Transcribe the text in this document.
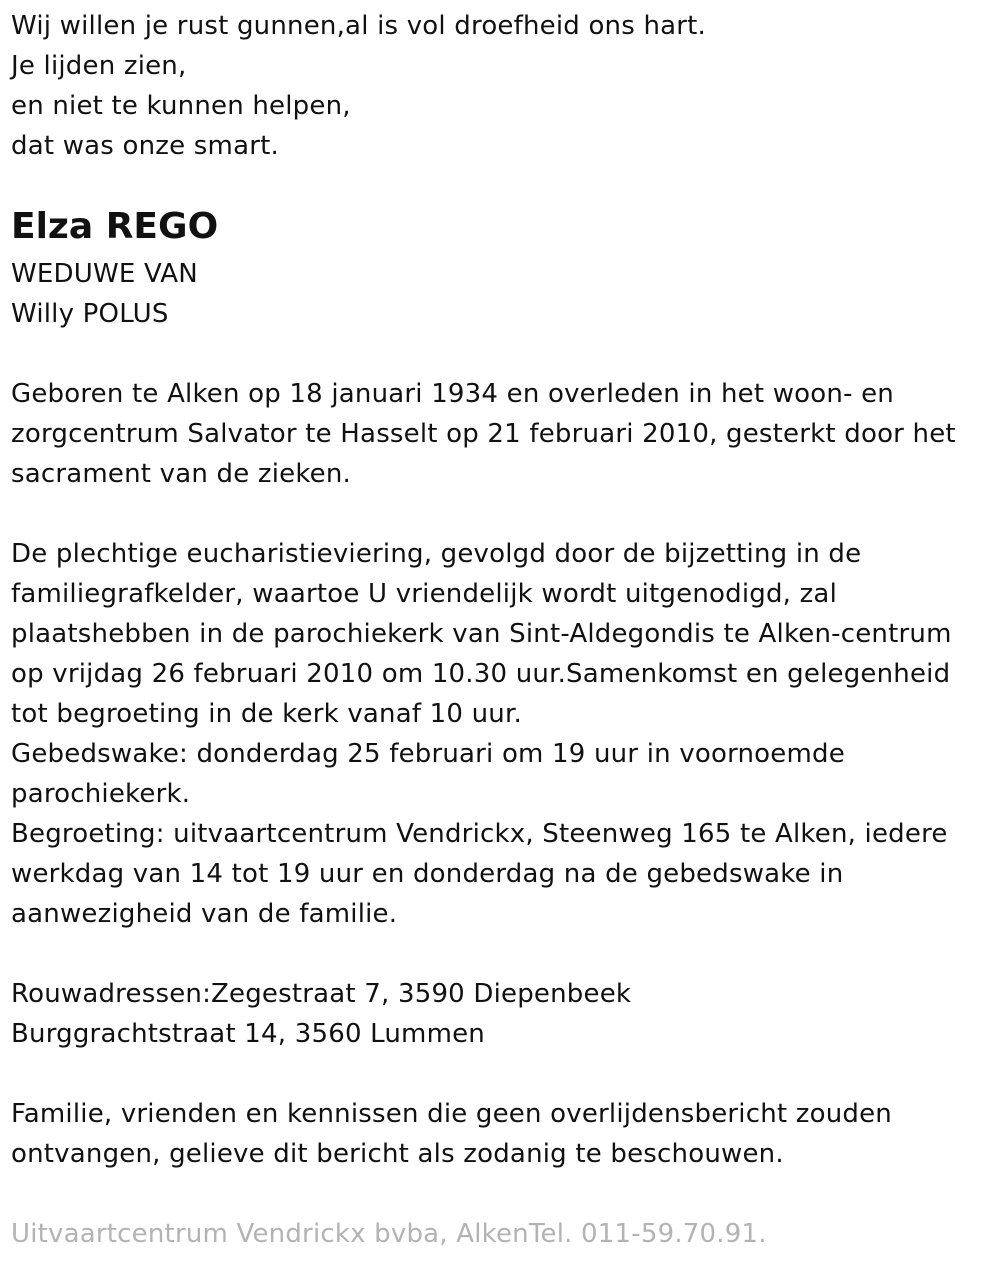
Wij willen je rust gunnen,al is vol droefheid ons hart.
Je lijden zien,
en niet te kunnen helpen,
dat was onze smart.
Elza REGO
WEDUWE VAN
Willy POLUS
Geboren te Alken op 18 januari 1934 en overleden in het woon- en
zorgcentrum Salvator te Hasselt op 21 februari 2010, gesterkt door het
sacrament van de zieken.
De plechtige eucharistieviering, gevolgd door de bijzetting in de
familiegrafkelder, waartoe U vriendelijk wordt uitgenodigd, zal
plaatshebben in de parochiekerk van Sint-Aldegondis te Alken-centrum
op vrijdag 26 februari 2010 om 10.30 uur.Samenkomst en gelegenheid
tot begroeting in de kerk vanaf 10 uur.
Gebedswake: donderdag 25 februari om 19 uur in voornoemde
parochiekerk.
Begroeting: uitvaartcentrum Vendrickx, Steenweg 165 te Alken, iedere
werkdag van 14 tot 19 uur en donderdag na de gebedswake in
aanwezigheid van de familie.
Rouwadressen:Zegestraat 7, 3590 Diepenbeek
Burggrachtstraat 14, 3560 Lummen
Familie, vrienden en kennissen die geen overlijdensbericht zouden
ontvangen, gelieve dit bericht als zodanig te beschouwen.
Uitvaartcentrum Vendrickx bvba, AlkenTel. 011-59.70.91.
